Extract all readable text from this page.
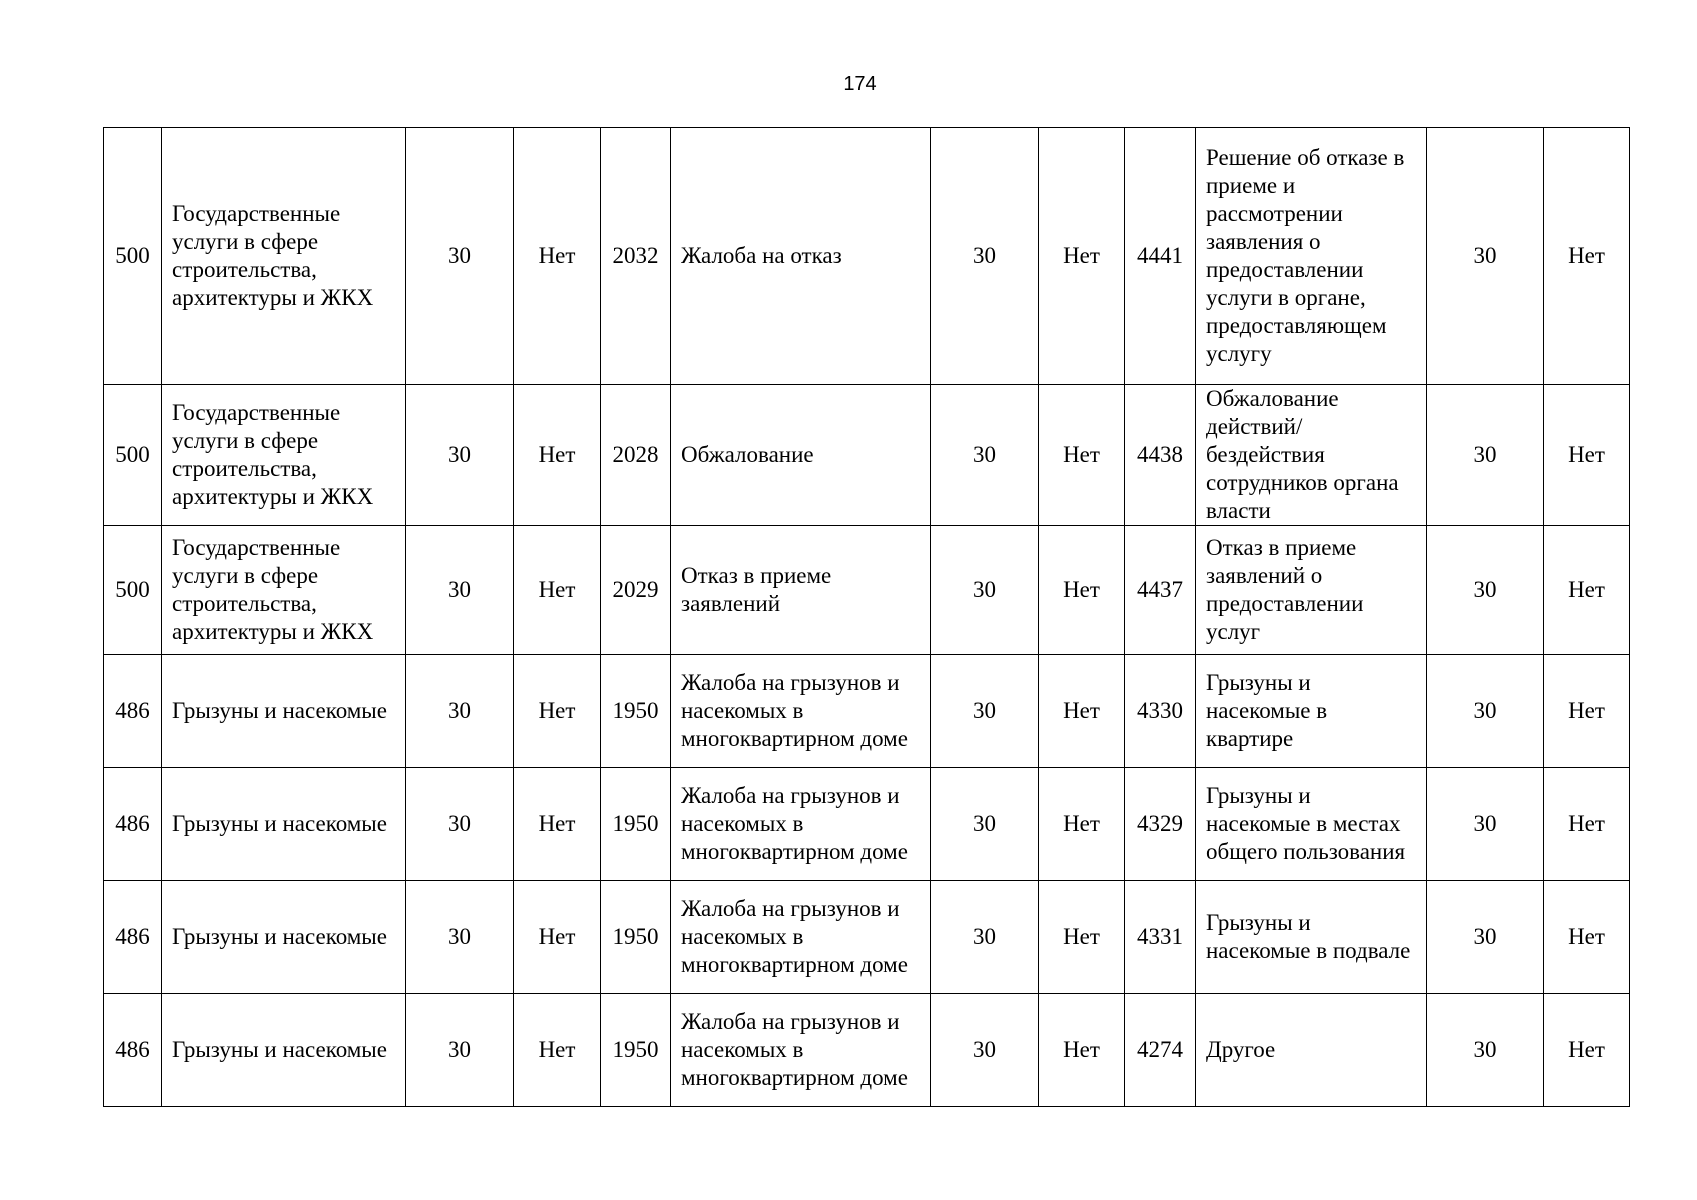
174
500	Государственные услуги в сфере строительства, архитектуры и ЖКХ	30	Нет	2032	Жалоба на отказ	30	Нет	4441	Решение об отказе в приеме и рассмотрении заявления о предоставлении услуги в органе, предоставляющем услугу	30	Нет
500	Государственные услуги в сфере строительства, архитектуры и ЖКХ	30	Нет	2028	Обжалование	30	Нет	4438	Обжалование действий/бездействия сотрудников органа власти	30	Нет
500	Государственные услуги в сфере строительства, архитектуры и ЖКХ	30	Нет	2029	Отказ в приеме заявлений	30	Нет	4437	Отказ в приеме заявлений о предоставлении услуг	30	Нет
486	Грызуны и насекомые	30	Нет	1950	Жалоба на грызунов и насекомых в многоквартирном доме	30	Нет	4330	Грызуны и насекомые в квартире	30	Нет
486	Грызуны и насекомые	30	Нет	1950	Жалоба на грызунов и насекомых в многоквартирном доме	30	Нет	4329	Грызуны и насекомые в местах общего пользования	30	Нет
486	Грызуны и насекомые	30	Нет	1950	Жалоба на грызунов и насекомых в многоквартирном доме	30	Нет	4331	Грызуны и насекомые в подвале	30	Нет
486	Грызуны и насекомые	30	Нет	1950	Жалоба на грызунов и насекомых в многоквартирном доме	30	Нет	4274	Другое	30	Нет
